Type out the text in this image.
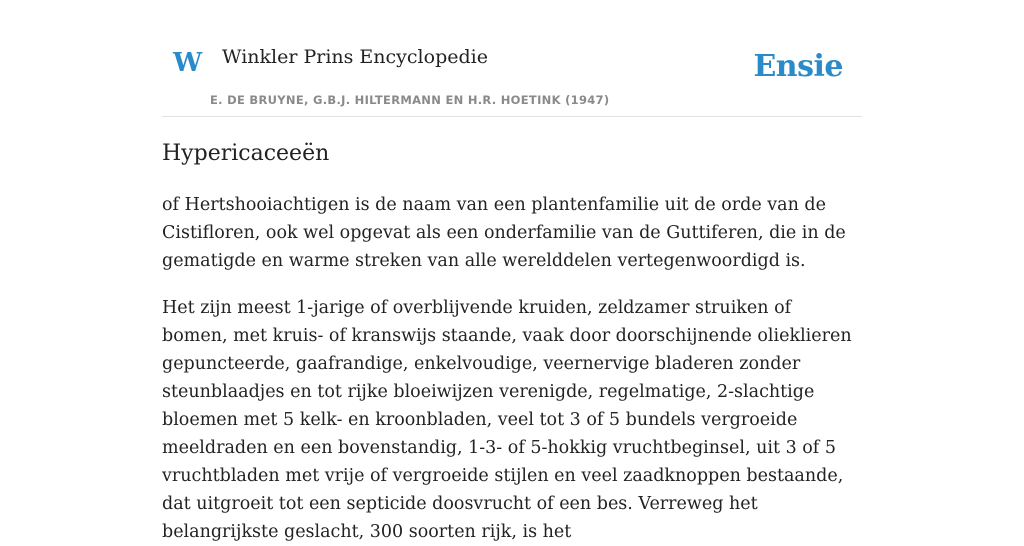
W Winkler Prins Encyclopedie
E. DE BRUYNE, G.B.J. HILTERMANN EN H.R. HOETINK (1947)
Ensie
Hypericaceeën

of Hertshooiachtigen is de naam van een plantenfamilie uit de orde van de Cistifloren, ook wel opgevat als een onderfamilie van de Guttiferen, die in de gematigde en warme streken van alle werelddelen vertegenwoordigd is.

Het zijn meest 1-jarige of overblijvende kruiden, zeldzamer struiken of bomen, met kruis- of kranswijs staande, vaak door doorschijnende olieklieren gepuncteerde, gaafrandige, enkelvoudige, veernervige bladeren zonder steunblaadjes en tot rijke bloeiwijzen verenigde, regelmatige, 2-slachtige bloemen met 5 kelk- en kroonbladen, veel tot 3 of 5 bundels vergroeide meeldraden en een bovenstandig, 1-3- of 5-hokkig vruchtbeginsel, uit 3 of 5 vruchtbladen met vrije of vergroeide stijlen en veel zaadknoppen bestaande, dat uitgroeit tot een septicide doosvrucht of een bes. Verreweg het belangrijkste geslacht, 300 soorten rijk, is het
